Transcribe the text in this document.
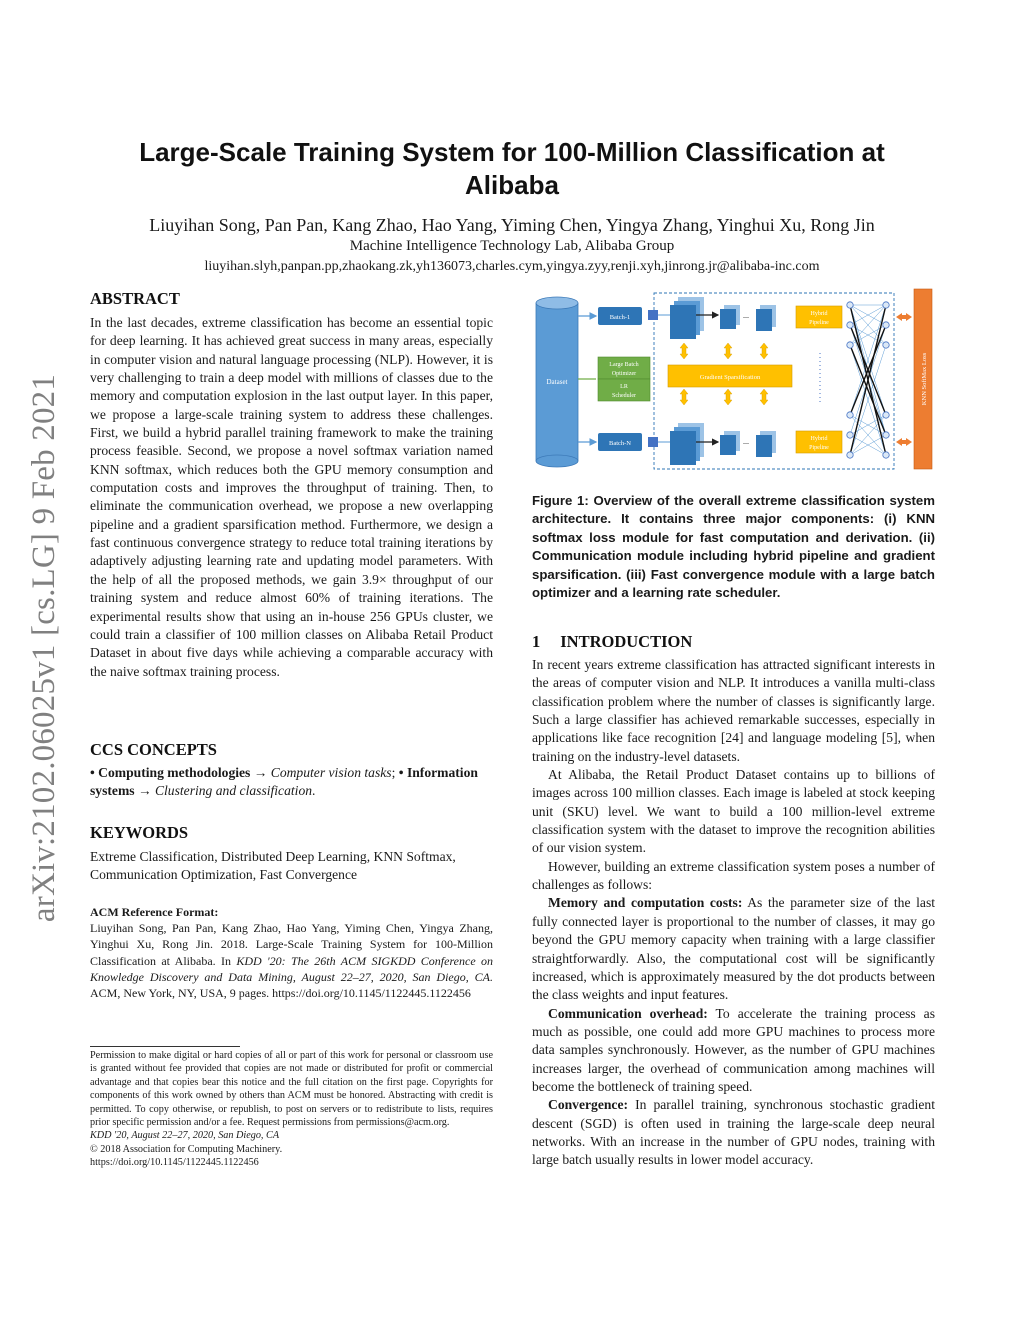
arXiv:2102.06025v1 [cs.LG] 9 Feb 2021
Large-Scale Training System for 100-Million Classification at Alibaba
Liuyihan Song, Pan Pan, Kang Zhao, Hao Yang, Yiming Chen, Yingya Zhang, Yinghui Xu, Rong Jin
Machine Intelligence Technology Lab, Alibaba Group
liuyihan.slyh,panpan.pp,zhaokang.zk,yh136073,charles.cym,yingya.zyy,renji.xyh,jinrong.jr@alibaba-inc.com
ABSTRACT

In the last decades, extreme classification has become an essential topic for deep learning. It has achieved great success in many areas, especially in computer vision and natural language processing (NLP). However, it is very challenging to train a deep model with millions of classes due to the memory and computation explosion in the last output layer. In this paper, we propose a large-scale training system to address these challenges. First, we build a hybrid parallel training framework to make the training process feasible. Second, we propose a novel softmax variation named KNN softmax, which reduces both the GPU memory consumption and computation costs and improves the throughput of training. Then, to eliminate the communication overhead, we propose a new overlapping pipeline and a gradient sparsification method. Furthermore, we design a fast continuous convergence strategy to reduce total training iterations by adaptively adjusting learning rate and updating model parameters. With the help of all the proposed methods, we gain 3.9× throughput of our training system and reduce almost 60% of training iterations. The experimental results show that using an in-house 256 GPUs cluster, we could train a classifier of 100 million classes on Alibaba Retail Product Dataset in about five days while achieving a comparable accuracy with the naive softmax training process.

CCS CONCEPTS

• Computing methodologies → Computer vision tasks; • Information systems → Clustering and classification.

KEYWORDS

Extreme Classification, Distributed Deep Learning, KNN Softmax, Communication Optimization, Fast Convergence

ACM Reference Format:
Liuyihan Song, Pan Pan, Kang Zhao, Hao Yang, Yiming Chen, Yingya Zhang, Yinghui Xu, Rong Jin. 2018. Large-Scale Training System for 100-Million Classification at Alibaba. In KDD '20: The 26th ACM SIGKDD Conference on Knowledge Discovery and Data Mining, August 22–27, 2020, San Diego, CA. ACM, New York, NY, USA, 9 pages. https://doi.org/10.1145/1122445.1122456
Permission to make digital or hard copies of all or part of this work for personal or classroom use is granted without fee provided that copies are not made or distributed for profit or commercial advantage and that copies bear this notice and the full citation on the first page. Copyrights for components of this work owned by others than ACM must be honored. Abstracting with credit is permitted. To copy otherwise, or republish, to post on servers or to redistribute to lists, requires prior specific permission and/or a fee. Request permissions from permissions@acm.org.
KDD '20, August 22–27, 2020, San Diego, CA
© 2018 Association for Computing Machinery.
https://doi.org/10.1145/1122445.1122456
Dataset
Batch-1
Batch-N
Large Batch
Optimizer
LR
Scheduler
...	Hybrid
Pipeline
Gradient Sparsification
...	Hybrid
Pipeline
KNN SoftMax Loss
Figure 1: Overview of the overall extreme classification system architecture. It contains three major components: (i) KNN softmax loss module for fast computation and derivation. (ii) Communication module including hybrid pipeline and gradient sparsification. (iii) Fast convergence module with a large batch optimizer and a learning rate scheduler.
1 INTRODUCTION

In recent years extreme classification has attracted significant interests in the areas of computer vision and NLP. It introduces a vanilla multi-class classification problem where the number of classes is significantly large. Such a large classifier has achieved remarkable successes, especially in applications like face recognition [24] and language modeling [5], when training on the industry-level datasets.

At Alibaba, the Retail Product Dataset contains up to billions of images across 100 million classes. Each image is labeled at stock keeping unit (SKU) level. We want to build a 100 million-level extreme classification system with the dataset to improve the recognition abilities of our vision system.

However, building an extreme classification system poses a number of challenges as follows:

Memory and computation costs: As the parameter size of the last fully connected layer is proportional to the number of classes, it may go beyond the GPU memory capacity when training with a large classifier straightforwardly. Also, the computational cost will be significantly increased, which is approximately measured by the dot products between the class weights and input features.

Communication overhead: To accelerate the training process as much as possible, one could add more GPU machines to process more data samples synchronously. However, as the number of GPU machines increases larger, the overhead of communication among machines will become the bottleneck of training speed.

Convergence: In parallel training, synchronous stochastic gradient descent (SGD) is often used in training the large-scale deep neural networks. With an increase in the number of GPU nodes, training with large batch usually results in lower model accuracy.
